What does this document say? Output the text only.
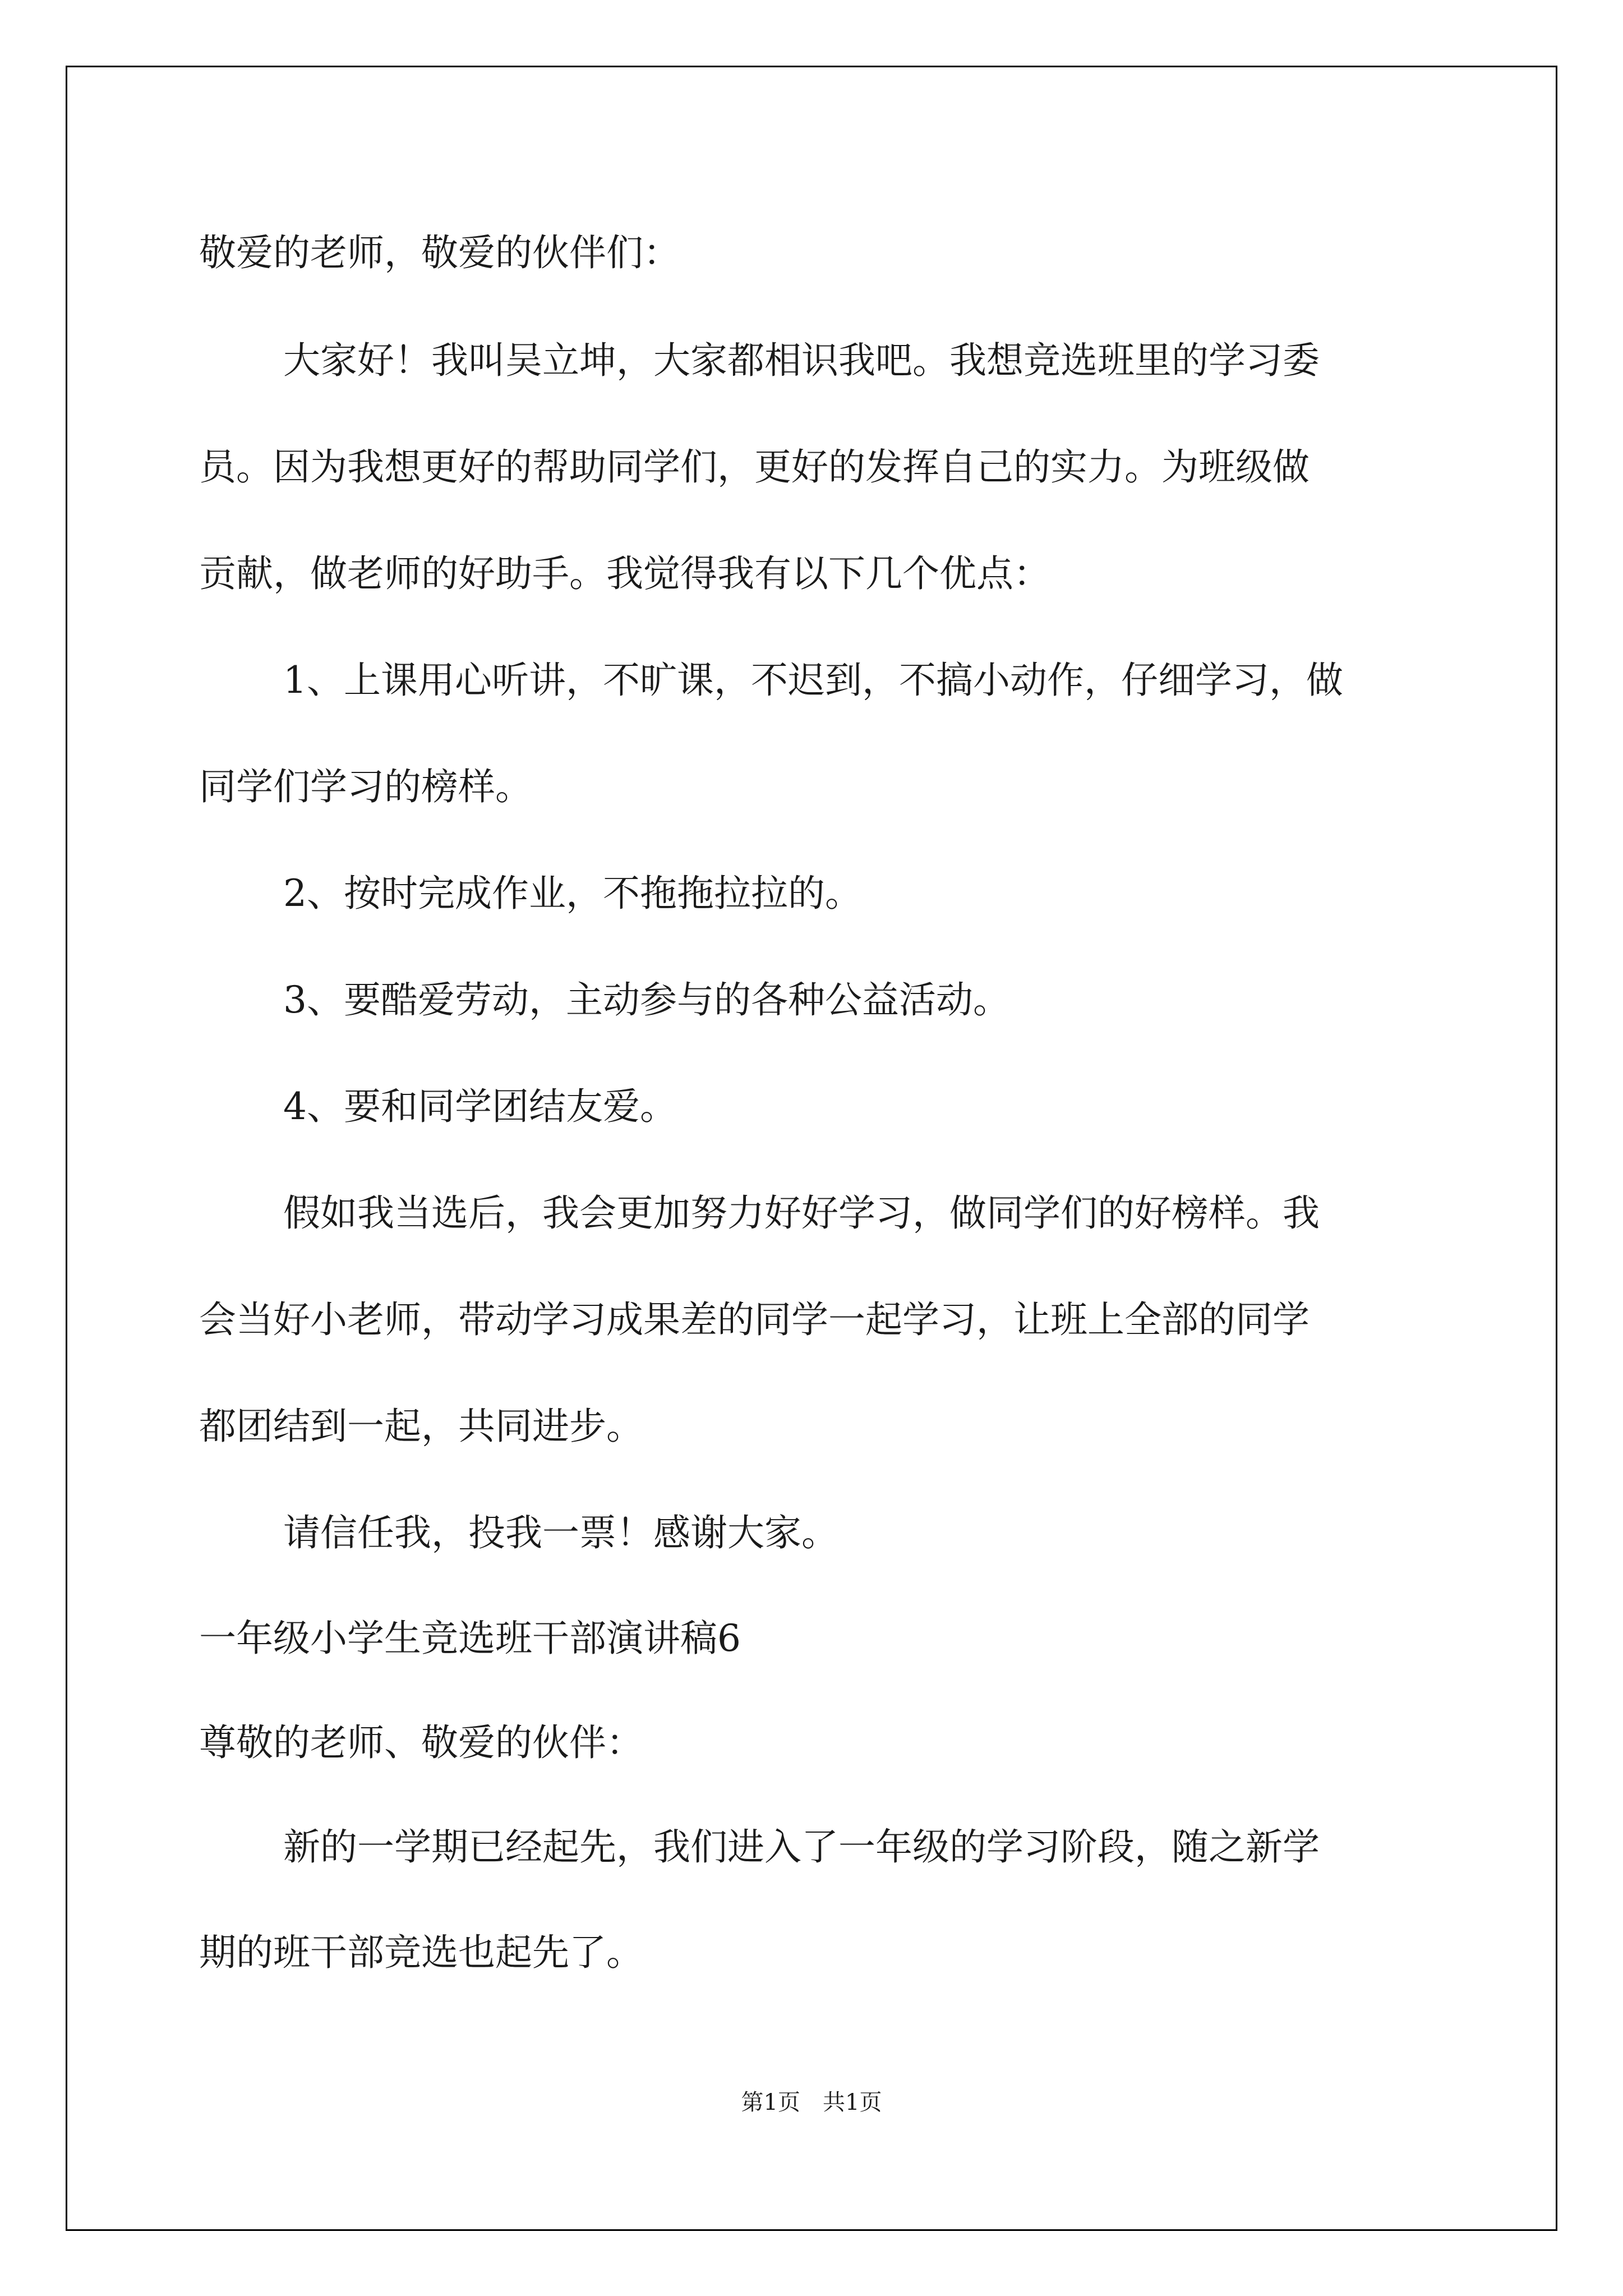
敬爱的老师，敬爱的伙伴们：
大家好！我叫吴立坤，大家都相识我吧。我想竞选班里的学习委
员。因为我想更好的帮助同学们，更好的发挥自己的实力。为班级做
贡献，做老师的好助手。我觉得我有以下几个优点：
1、上课用心听讲，不旷课，不迟到，不搞小动作，仔细学习，做
同学们学习的榜样。
2、按时完成作业，不拖拖拉拉的。
3、要酷爱劳动，主动参与的各种公益活动。
4、要和同学团结友爱。
假如我当选后，我会更加努力好好学习，做同学们的好榜样。我
会当好小老师，带动学习成果差的同学一起学习，让班上全部的同学
都团结到一起，共同进步。
请信任我，投我一票！感谢大家。
一年级小学生竞选班干部演讲稿6
尊敬的老师、敬爱的伙伴：
新的一学期已经起先，我们进入了一年级的学习阶段，随之新学
期的班干部竞选也起先了。
第1页　共1页
